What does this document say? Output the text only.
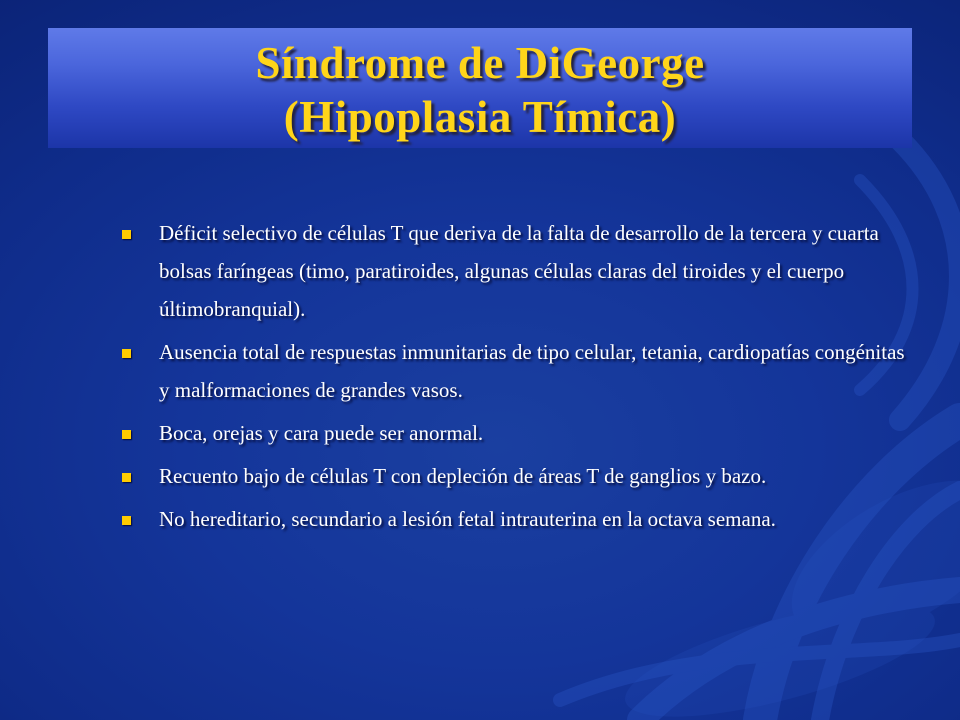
Síndrome de DiGeorge
(Hipoplasia Tímica)
Déficit selectivo de células T que deriva de la falta de desarrollo de la tercera y cuarta bolsas faríngeas (timo, paratiroides, algunas células claras del tiroides y el cuerpo últimobranquial).
Ausencia total de respuestas inmunitarias de tipo celular, tetania, cardiopatías congénitas y malformaciones de grandes vasos.
Boca, orejas y cara puede ser anormal.
Recuento bajo de células T con depleción de áreas T de ganglios y bazo.
No hereditario, secundario a lesión fetal intrauterina en la octava semana.
